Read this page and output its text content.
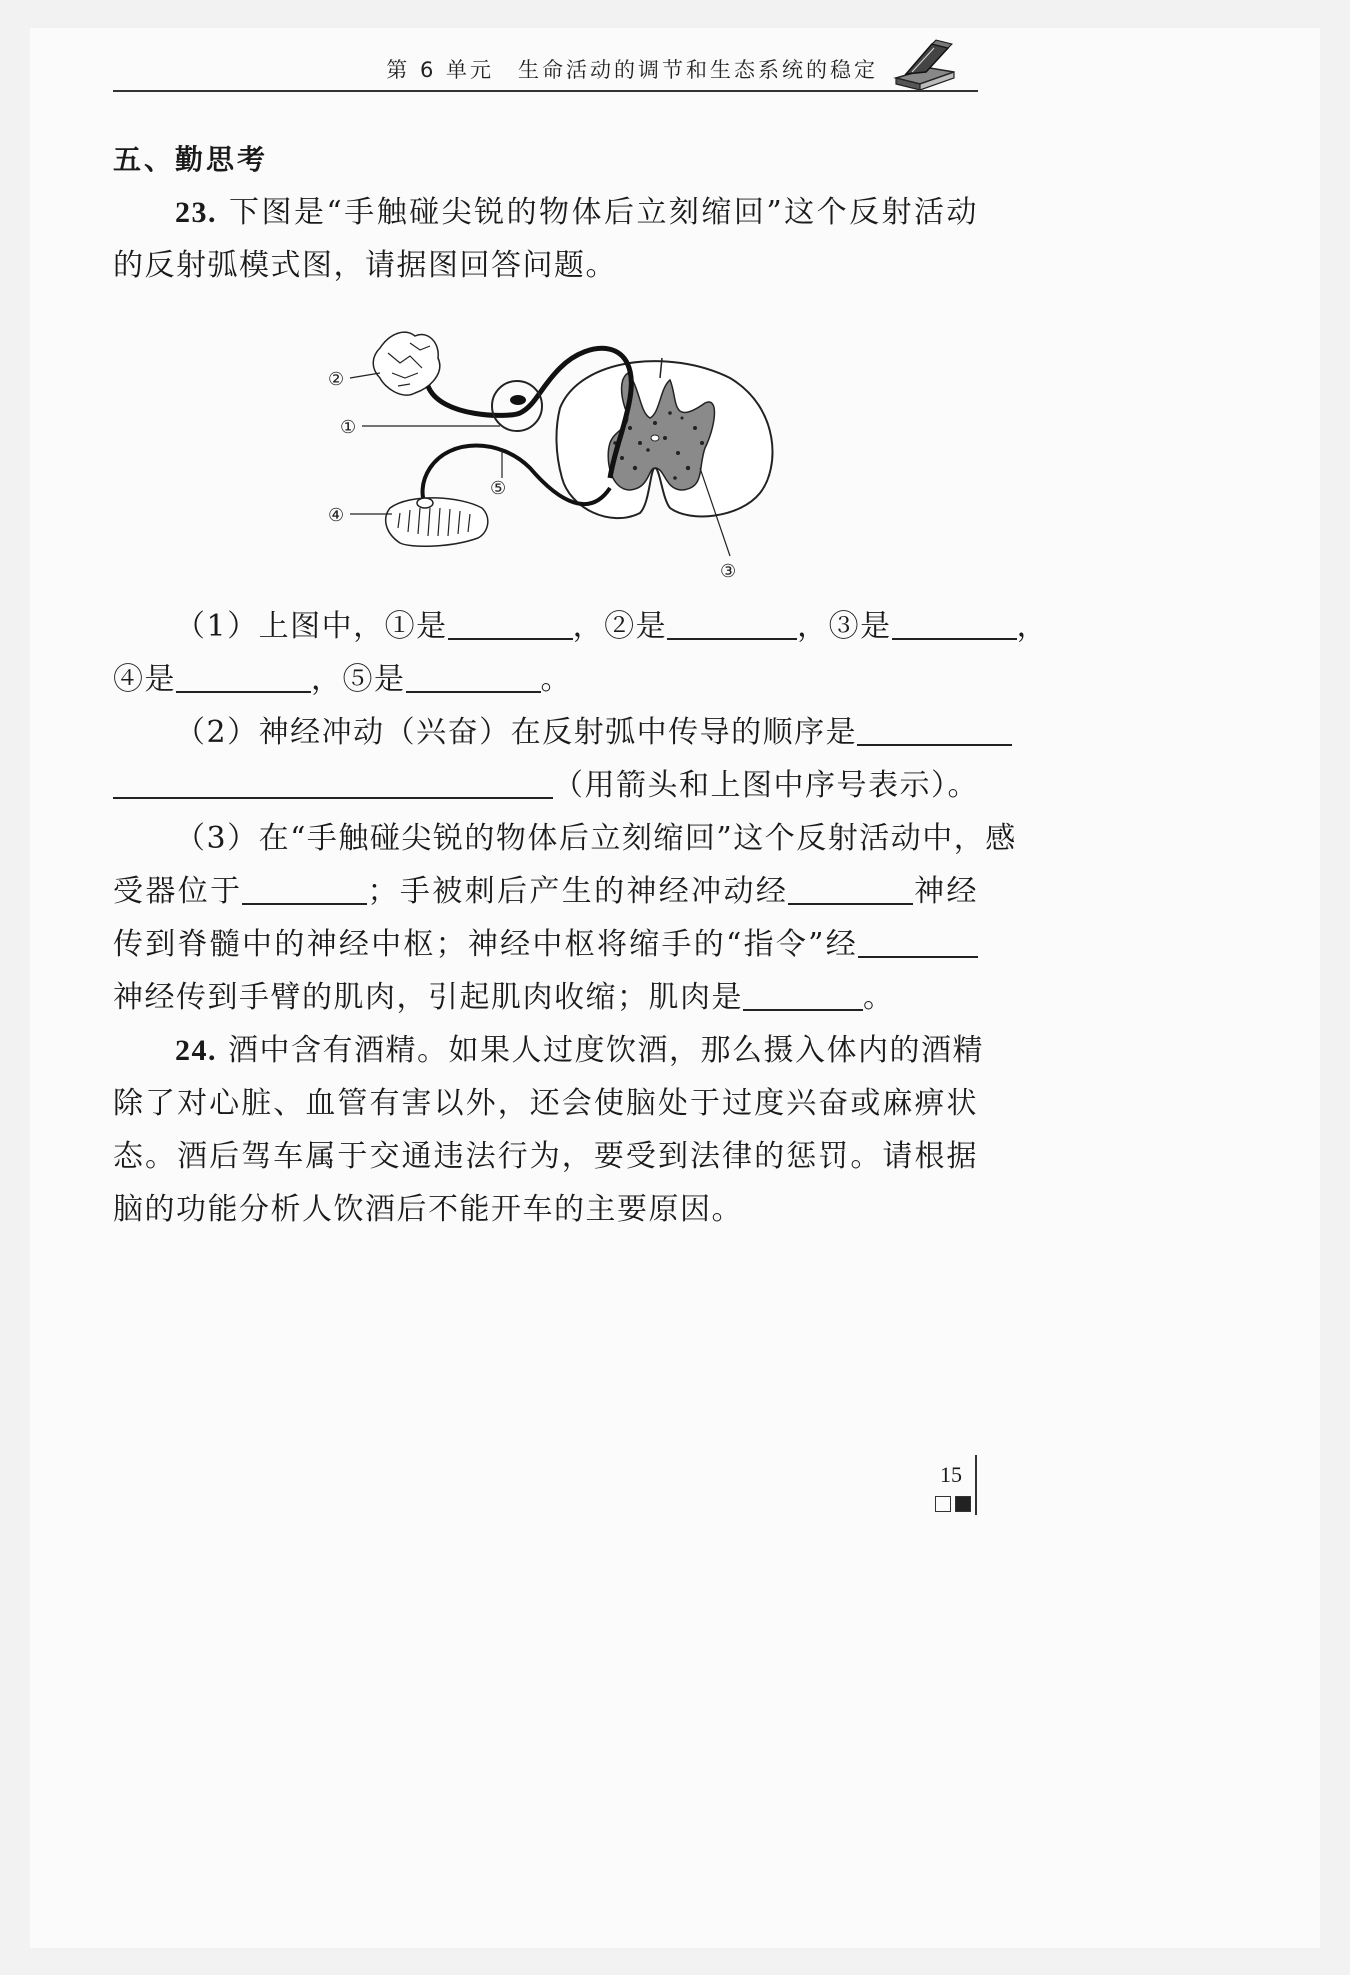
第 6 单元　生命活动的调节和生态系统的稳定
五、勤思考
23. 下图是“手触碰尖锐的物体后立刻缩回”这个反射活动
的反射弧模式图，请据图回答问题。
②
①
⑤
④
③
（1）上图中，①是	，②是	，③是	，
④是	，⑤是	。
（2）神经冲动（兴奋）在反射弧中传导的顺序是
（用箭头和上图中序号表示）。
（3）在“手触碰尖锐的物体后立刻缩回”这个反射活动中，感
受器位于	；手被刺后产生的神经冲动经	神经
传到脊髓中的神经中枢；神经中枢将缩手的“指令”经
神经传到手臂的肌肉，引起肌肉收缩；肌肉是	。
24. 酒中含有酒精。如果人过度饮酒，那么摄入体内的酒精
除了对心脏、血管有害以外，还会使脑处于过度兴奋或麻痹状
态。酒后驾车属于交通违法行为，要受到法律的惩罚。请根据
脑的功能分析人饮酒后不能开车的主要原因。
15
